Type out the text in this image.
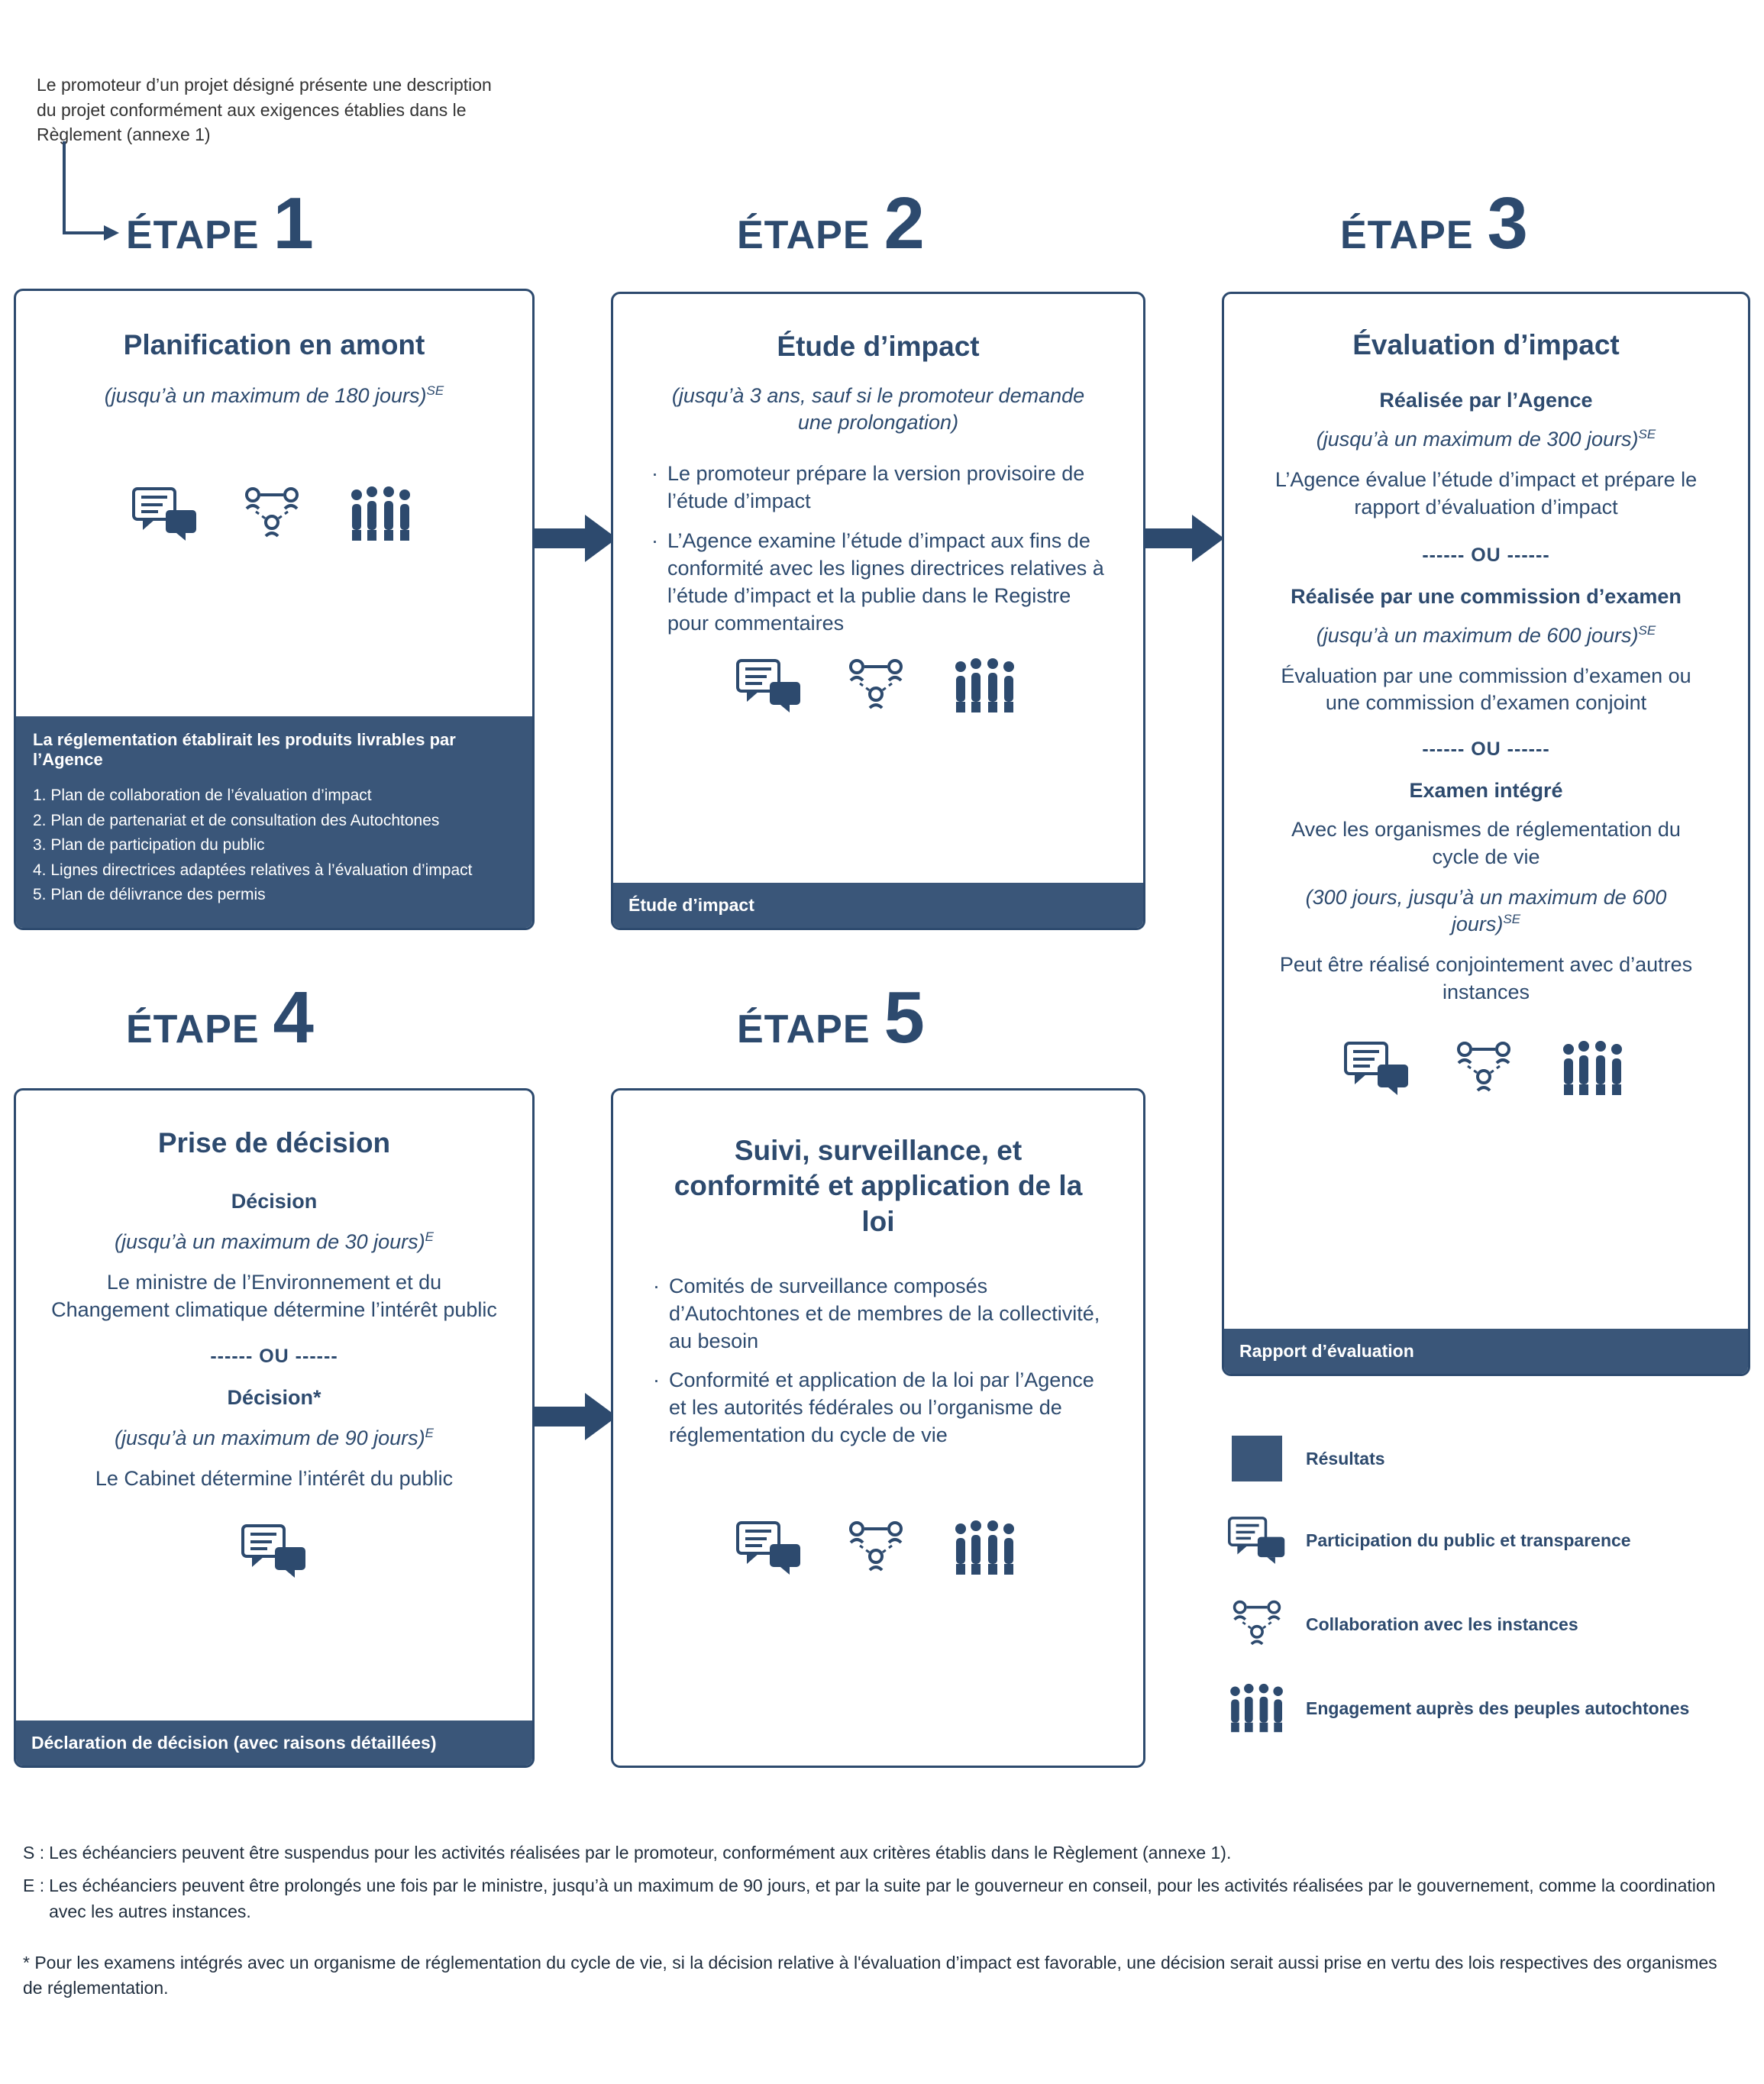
Le promoteur d’un projet désigné présente une description du projet conformément aux exigences établies dans le Règlement (annexe 1)
ÉTAPE 1	ÉTAPE 2	ÉTAPE 3
ÉTAPE 4	ÉTAPE 5
Planification en amont
(jusqu’à un maximum de 180 jours)$^{SE}$
La réglementation établirait les produits livrables par l’Agence
1. Plan de collaboration de l’évaluation d’impact
2. Plan de partenariat et de consultation des Autochtones
3. Plan de participation du public
4. Lignes directrices adaptées relatives à l’évaluation d’impact
5. Plan de délivrance des permis
Étude d’impact
(jusqu’à 3 ans, sauf si le promoteur demande une prolongation)
· Le promoteur prépare la version provisoire de l’étude d’impact
· L’Agence examine l’étude d’impact aux fins de conformité avec les lignes directrices relatives à l’étude d’impact et la publie dans le Registre pour commentaires
Étude d’impact
Évaluation d’impact
Réalisée par l’Agence
(jusqu’à un maximum de 300 jours)$^{SE}$
L’Agence évalue l’étude d’impact et prépare le rapport d’évaluation d’impact
------ OU ------
Réalisée par une commission d’examen
(jusqu’à un maximum de 600 jours)$^{SE}$
Évaluation par une commission d’examen ou une commission d’examen conjoint
------ OU ------
Examen intégré
Avec les organismes de réglementation du cycle de vie
(300 jours, jusqu’à un maximum de 600 jours)$^{SE}$
Peut être réalisé conjointement avec d’autres instances
Rapport d’évaluation
Prise de décision
Décision
(jusqu’à un maximum de 30 jours)$^E$
Le ministre de l’Environnement et du Changement climatique détermine l’intérêt public
------ OU ------
Décision*
(jusqu’à un maximum de 90 jours)$^E$
Le Cabinet détermine l’intérêt du public
Déclaration de décision (avec raisons détaillées)
Suivi, surveillance, et conformité et application de la loi
· Comités de surveillance composés d’Autochtones et de membres de la collectivité, au besoin
· Conformité et application de la loi par l’Agence et les autorités fédérales ou l’organisme de réglementation du cycle de vie
Résultats
Participation du public et transparence
Collaboration avec les instances
Engagement auprès des peuples autochtones
S : Les échéanciers peuvent être suspendus pour les activités réalisées par le promoteur, conformément aux critères établis dans le Règlement (annexe 1).
E : Les échéanciers peuvent être prolongés une fois par le ministre, jusqu’à un maximum de 90 jours, et par la suite par le gouverneur en conseil, pour les activités réalisées par le gouvernement, comme la coordination avec les autres instances.
* Pour les examens intégrés avec un organisme de réglementation du cycle de vie, si la décision relative à l'évaluation d’impact est favorable, une décision serait aussi prise en vertu des lois respectives des organismes de réglementation.
